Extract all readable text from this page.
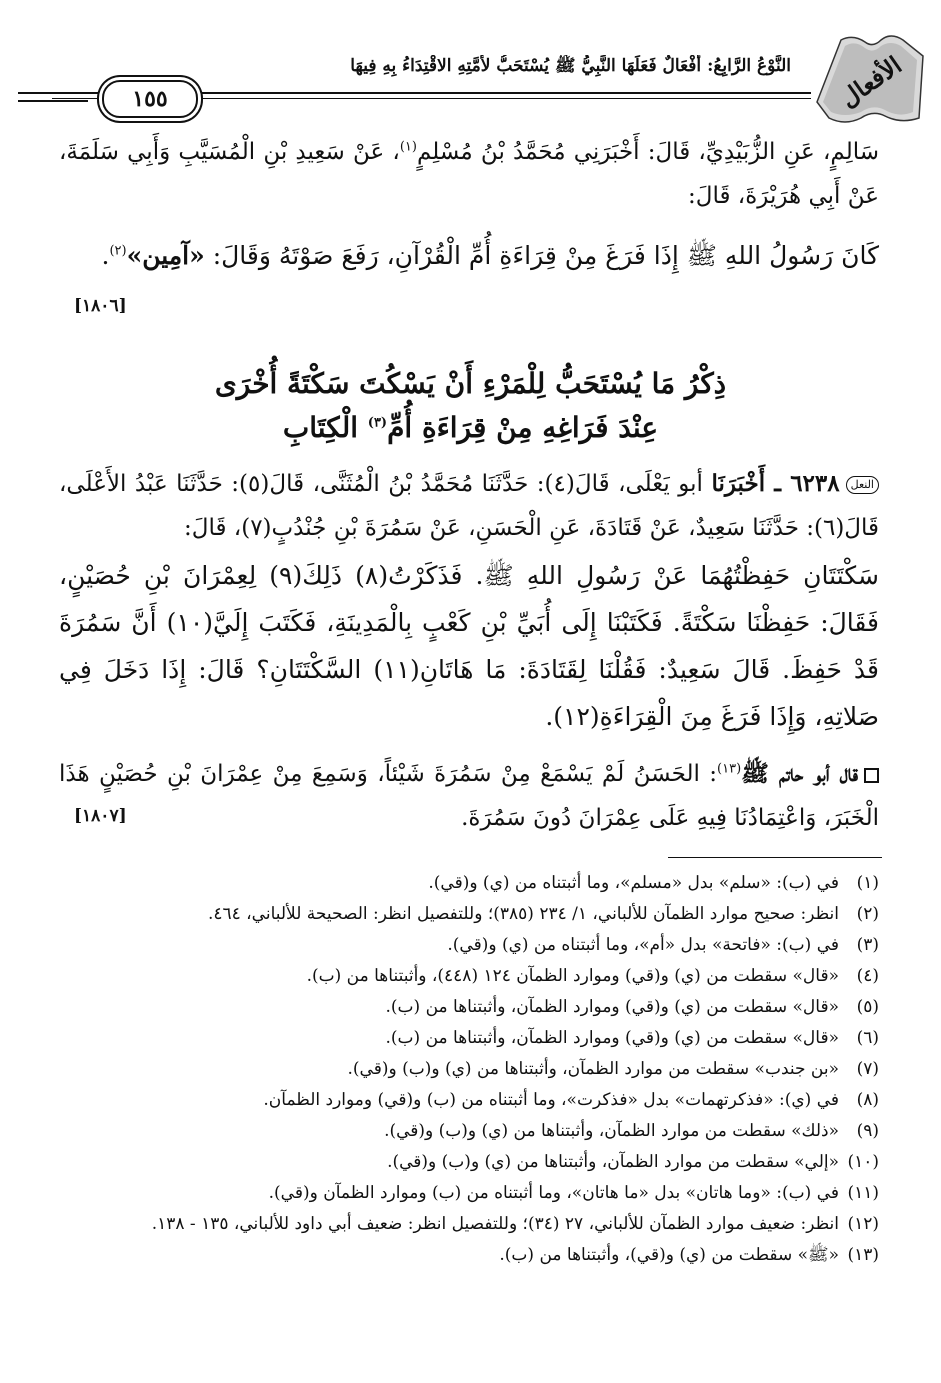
الأفعال
النَّوْعُ الرَّابِعُ: أَفْعَالٌ فَعَلَهَا النَّبِيُّ ﷺ يُسْتَحَبُّ لأُمَّتِهِ الاقْتِدَاءُ بِهِ فِيهَا
١٥٥
سَالِمٍ، عَنِ الزُّبَيْدِيِّ، قَالَ: أَخْبَرَنِي مُحَمَّدُ بْنُ مُسْلِمٍ$^{(١)}$، عَنْ سَعِيدِ بْنِ الْمُسَيَّبِ وَأَبِي سَلَمَةَ، عَنْ أَبِي هُرَيْرَةَ، قَالَ:
كَانَ رَسُولُ اللهِ ﷺ إِذَا فَرَغَ مِنْ قِرَاءَةِ أُمِّ الْقُرْآنِ، رَفَعَ صَوْتَهُ وَقَالَ: «آمِين»$^{(٢)}$.
[١٨٠٦]
ذِكْرُ مَا يُسْتَحَبُّ لِلْمَرْءِ أَنْ يَسْكُتَ سَكْتَةً أُخْرَى
عِنْدَ فَرَاغِهِ مِنْ قِرَاءَةِ أُمِّ$^{(٣)}$ الْكِتَابِ
النعل٦٢٣٨ ـ أَخْبَرَنَا أبو يَعْلَى، قَالَ(٤): حَدَّثَنَا مُحَمَّدُ بْنُ الْمُثَنَّى، قَالَ(٥): حَدَّثَنَا عَبْدُ الأَعْلَى، قَالَ(٦): حَدَّثَنَا سَعِيدٌ، عَنْ قَتَادَةَ، عَنِ الْحَسَنِ، عَنْ سَمُرَةَ بْنِ جُنْدُبٍ(٧)، قَالَ:
سَكْتَتَانِ حَفِظْتُهُمَا عَنْ رَسُولِ اللهِ ﷺ. فَذَكَرْتُ(٨) ذَلِكَ(٩) لِعِمْرَانَ بْنِ حُصَيْنٍ، فَقَالَ: حَفِظْنَا سَكْتَةً. فَكَتَبْنَا إِلَى أُبَيِّ بْنِ كَعْبٍ بِالْمَدِينَةِ، فَكَتَبَ إِلَيَّ(١٠) أَنَّ سَمُرَةَ قَدْ حَفِظَ. قَالَ سَعِيدٌ: فَقُلْنَا لِقَتَادَةَ: مَا هَاتَانِ(١١) السَّكْتَتَانِ؟ قَالَ: إِذَا دَخَلَ فِي صَلاتِهِ، وَإِذَا فَرَغَ مِنَ الْقِرَاءَةِ(١٢).
قال أبو حاتم ﷺ$^{(١٣)}$: الحَسَنُ لَمْ يَسْمَعْ مِنْ سَمُرَةَ شَيْئاً، وَسَمِعَ مِنْ عِمْرَانَ بْنِ حُصَيْنٍ هَذَا الْخَبَرَ، وَاعْتِمَادُنَا فِيهِ عَلَى عِمْرَانَ دُونَ سَمُرَةَ.
[١٨٠٧]
(١)
في (ب): «سلم» بدل «مسلم»، وما أثبتناه من (ي) و(قي).
(٢)
انظر: صحيح موارد الظمآن للألباني، ١/ ٢٣٤ (٣٨٥)؛ وللتفصيل انظر: الصحيحة للألباني، ٤٦٤.
(٣)
في (ب): «فاتحة» بدل «أم»، وما أثبتناه من (ي) و(قي).
(٤)
«قال» سقطت من (ي) و(قي) وموارد الظمآن ١٢٤ (٤٤٨)، وأثبتناها من (ب).
(٥)
«قال» سقطت من (ي) و(قي) وموارد الظمآن، وأثبتناها من (ب).
(٦)
«قال» سقطت من (ي) و(قي) وموارد الظمآن، وأثبتناها من (ب).
(٧)
«بن جندب» سقطت من موارد الظمآن، وأثبتناها من (ي) و(ب) و(قي).
(٨)
في (ي): «فذكرتهمات» بدل «فذكرت»، وما أثبتناه من (ب) و(قي) وموارد الظمآن.
(٩)
«ذلك» سقطت من موارد الظمآن، وأثبتناها من (ي) و(ب) و(قي).
(١٠)
«إلي» سقطت من موارد الظمآن، وأثبتناها من (ي) و(ب) و(قي).
(١١)
في (ب): «وما هاتان» بدل «ما هاتان»، وما أثبتناه من (ب) وموارد الظمآن و(قي).
(١٢)
انظر: ضعيف موارد الظمآن للألباني، ٢٧ (٣٤)؛ وللتفصيل انظر: ضعيف أبي داود للألباني، ١٣٥ - ١٣٨.
(١٣)
«ﷺ» سقطت من (ي) و(قي)، وأثبتناها من (ب).
